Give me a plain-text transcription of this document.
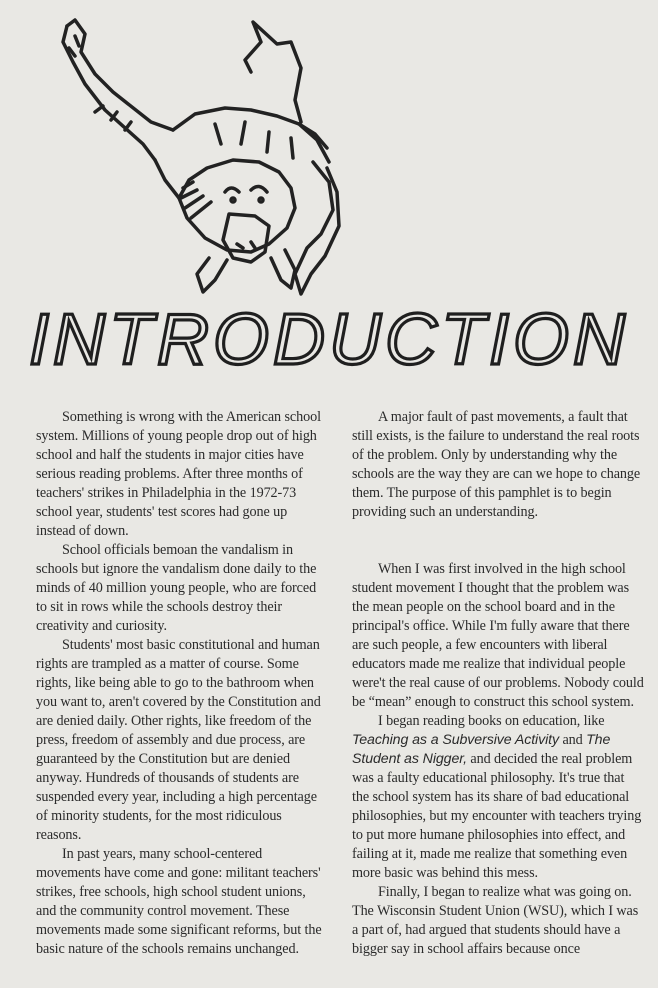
INTRODUCTION

Something is wrong with the American school system. Millions of young people drop out of high school and half the students in major cities have serious reading problems. After three months of teachers' strikes in Philadelphia in the 1972-73 school year, students' test scores had gone up instead of down.

School officials bemoan the vandalism in schools but ignore the vandalism done daily to the minds of 40 million young people, who are forced to sit in rows while the schools destroy their creativity and curiosity.

Students' most basic constitutional and human rights are trampled as a matter of course. Some rights, like being able to go to the bathroom when you want to, aren't covered by the Constitution and are denied daily. Other rights, like freedom of the press, freedom of assembly and due process, are guaranteed by the Constitution but are denied anyway. Hundreds of thousands of students are suspended every year, including a high percentage of minority students, for the most ridiculous reasons.

In past years, many school-centered movements have come and gone: militant teachers' strikes, free schools, high school student unions, and the community control movement. These movements made some significant reforms, but the basic nature of the schools remains unchanged.

A major fault of past movements, a fault that still exists, is the failure to understand the real roots of the problem. Only by understanding why the schools are the way they are can we hope to change them. The purpose of this pamphlet is to begin providing such an understanding.

When I was first involved in the high school student movement I thought that the problem was the mean people on the school board and in the principal's office. While I'm fully aware that there are such people, a few encounters with liberal educators made me realize that individual people were't the real cause of our problems. Nobody could be “mean” enough to construct this school system.

I began reading books on education, like Teaching as a Subversive Activity and The Student as Nigger, and decided the real problem was a faulty educational philosophy. It's true that the school system has its share of bad educational philosophies, but my encounter with teachers trying to put more humane philosophies into effect, and failing at it, made me realize that something even more basic was behind this mess.

Finally, I began to realize what was going on. The Wisconsin Student Union (WSU), which I was a part of, had argued that students should have a bigger say in school affairs because once
